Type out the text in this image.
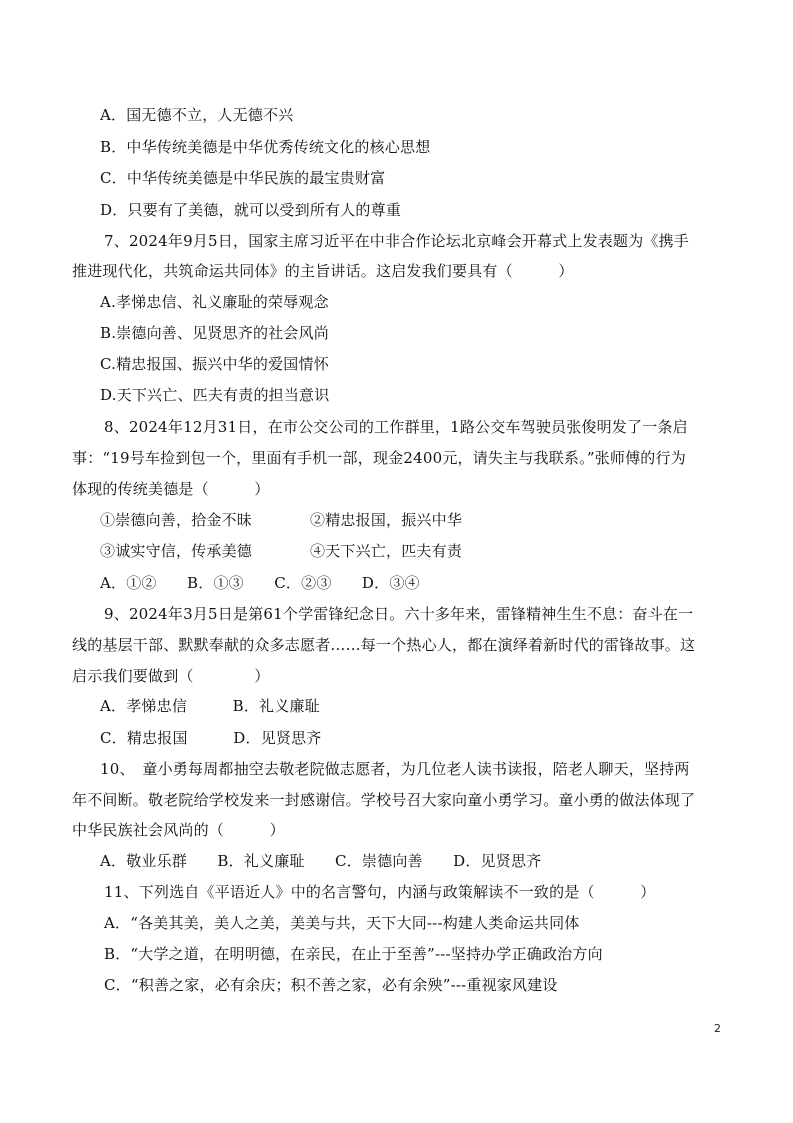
A．国无德不立，人无德不兴
B．中华传统美德是中华优秀传统文化的核心思想
C．中华传统美德是中华民族的最宝贵财富
D．只要有了美德，就可以受到所有人的尊重
7、2024年9月5日，国家主席习近平在中非合作论坛北京峰会开幕式上发表题为《携手
推进现代化，共筑命运共同体》的主旨讲话。这启发我们要具有（　　　）
A.孝悌忠信、礼义廉耻的荣辱观念
B.崇德向善、见贤思齐的社会风尚
C.精忠报国、振兴中华的爱国情怀
D.天下兴亡、匹夫有责的担当意识
8、2024年12月31日，在市公交公司的工作群里，1路公交车驾驶员张俊明发了一条启
事：“19号车捡到包一个，里面有手机一部，现金2400元，请失主与我联系。”张师傅的行为
体现的传统美德是（　　　）
①崇德向善，拾金不昧	②精忠报国，振兴中华
③诚实守信，传承美德	④天下兴亡，匹夫有责
A．①②　　B．①③　　C．②③　　D．③④
9、2024年3月5日是第61个学雷锋纪念日。六十多年来，雷锋精神生生不息：奋斗在一
线的基层干部、默默奉献的众多志愿者……每一个热心人，都在演绎着新时代的雷锋故事。这
启示我们要做到（　　　　）
A．孝悌忠信　　　B．礼义廉耻
C．精忠报国　　　D．见贤思齐
10、　童小勇每周都抽空去敬老院做志愿者，为几位老人读书读报，陪老人聊天，坚持两
年不间断。敬老院给学校发来一封感谢信。学校号召大家向童小勇学习。童小勇的做法体现了
中华民族社会风尚的（　　　）
A．敬业乐群　　B．礼义廉耻　　C．崇德向善　　D．见贤思齐
11、下列选自《平语近人》中的名言警句，内涵与政策解读不一致的是（　　　）
A．“各美其美，美人之美，美美与共，天下大同---构建人类命运共同体
B．“大学之道，在明明德，在亲民，在止于至善”---坚持办学正确政治方向
C．“积善之家，必有余庆；积不善之家，必有余殃”---重视家风建设
2
